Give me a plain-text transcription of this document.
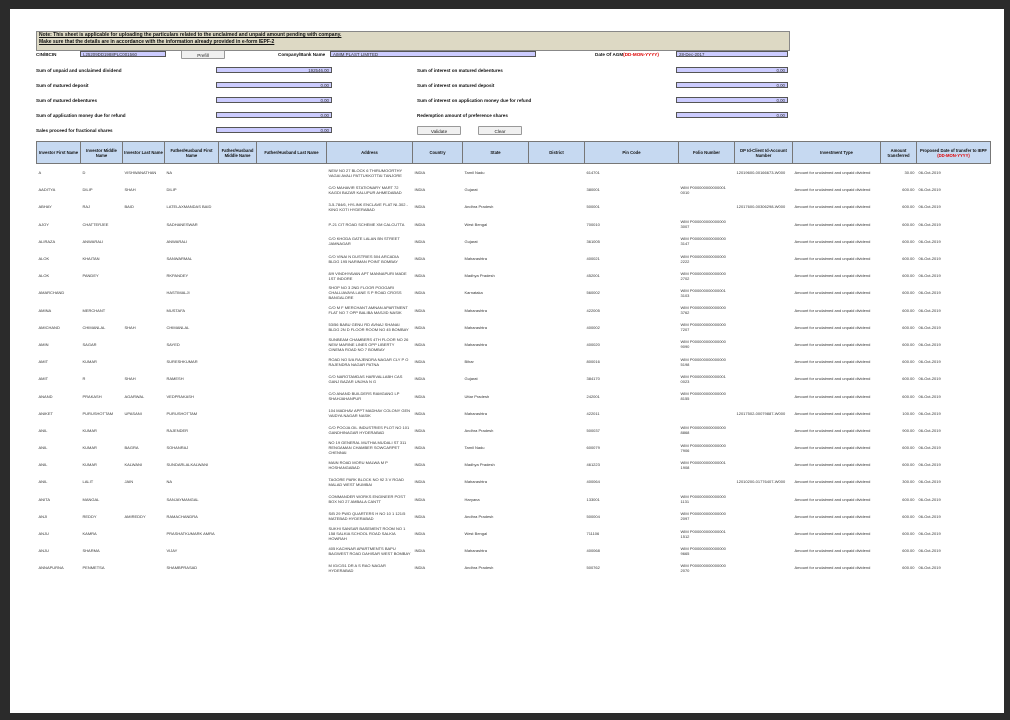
Note: This sheet is applicable for uploading the particulars related to the unclaimed and unpaid amount pending with company.
Make sure that the details are in accordance with the information already provided in e-form IEPF-2
CIN/BCIN	L25209DD1988PLC001560	Prefill	Company/Bank Name	AIMM PLAST LIMITED	Date Of AGM(DD-MON-YYYY)	28-Dec-2017
Sum of unpaid and unclaimed dividend	192546.00
Sum of matured deposit	0.00
Sum of matured debentures	0.00
Sum of application money due for refund	0.00
Sales proceed for fractional shares	0.00
Sum of interest on matured debentures	0.00
Sum of interest on matured deposit	0.00
Sum of interest on application money due for refund	0.00
Redemption amount of preference shares	0.00
Validate	Clear
Investor First Name	Investor Middle Name	Investor Last Name	Father/Husband First Name	Father/Husband Middle Name	Father/Husband Last Name	Address	Country	State	District	Pin Code	Folio Number	DP Id-Client Id-Account Number	Investment Type	Amount transferred	Proposed Date of transfer to IEPF
(DD-MON-YYYY)
A	D	VISHWANATHAN	NA			NEW NO 27 BLOCK 6 THIRUMOORTHY VAGAI AVALI PATTUKKOTTAI TANJORE	INDIA	Tamil Nadu		614701		12019600-00166673-W000	Amount for unclaimed and unpaid dividend	30.00	06-Oct-2019
AADITYA	DILIP	SHAH	DILIP			C/O MAHAVIR STATIONARY MART 72 KAGDI BAZAR KALUPUR AHMEDABAD	INDIA	Gujarat		380001	WIM P000000000000001 0010		Amount for unclaimed and unpaid dividend	600.00	06-Oct-2019
ABHAY	RAJ	BAID	LATELAXMANDAS BAID			3-5-784/6, HYLINK ENCLAVE FLAT NI-302 - KING KOTI HYDERABAD	INDIA	Andhra Pradesh		500001		12017600-00306298-W000	Amount for unclaimed and unpaid dividend	600.00	06-Oct-2019
AJOY	CHATTERJEE		SADHANESWAR			P-21 CIT ROAD SCHEME XM CALCUTTA	INDIA	West Bengal		700010	WIM P000000000000000 3007		Amount for unclaimed and unpaid dividend	600.00	06-Oct-2019
ALIRAZA	ANWARALI		ANWARALI			C/O KHODA GATE LALAN BN STREET JAMNAGAR	INDIA	Gujarat		361005	WIM P000000000000000 3147		Amount for unclaimed and unpaid dividend	600.00	06-Oct-2019
ALOK	KHAITAN		SANWARMAL			C/O VINAI N DUSTRIES 504 ARCADIA BLDG 195 NARIMAN POINT BOMBAY	INDIA	Maharashtra		400021	WIM P000000000000000 2222		Amount for unclaimed and unpaid dividend	600.00	06-Oct-2019
ALOK	PANDEY		RKPANDEY			8/9 VINDHYAVAN APT MANNAPURI MADE 1ST INDORE	INDIA	Madhya Pradesh		452001	WIM P000000000000000 2702		Amount for unclaimed and unpaid dividend	600.00	06-Oct-2019
AMARCHAND			HASTIMALJI			SHOP NO 3 2ND FLOOR POOGARI CHALLIAVAYA LANE S P ROAD CROSS BANGALORE	INDIA	Karnataka		560002	WIM P000000000000001 3103		Amount for unclaimed and unpaid dividend	600.00	06-Oct-2019
AMINA	MERCHANT		MUSTAFA			C/O M F MERCHANT AMNAN APARTMENT FLAT NO 7 OPP BALIBA MASJID NASIK	INDIA	Maharashtra		422005	WIM P000000000000000 3762		Amount for unclaimed and unpaid dividend	600.00	06-Oct-2019
AMICHAND	CHIMANLAL	SHAH	CHIMANLAL			53/56 BABU GENU RD AVNAJ SHANAI BLDG 2N D FLOOR ROOM NO 45 BOMBAY	INDIA	Maharashtra		400002	WIM P000000000000000 7207		Amount for unclaimed and unpaid dividend	600.00	06-Oct-2019
AMIN	SAGAR		SAYED			SUNBEAM CHAMBERS 4TH FLOOR NO 26 NEW MARINE LINES OPP LIBERTY CINEMA ROAD NO 7 BOMBAY	INDIA	Maharashtra		400020	WIM P000000000000000 9090		Amount for unclaimed and unpaid dividend	600.00	06-Oct-2019
AMIT	KUMAR		SURESHKUMAR			ROAD NO 5/A RAJENDRA NAGAR CLY P O RAJENDRA NAGAR PATNA	INDIA	Bihar		800016	WIM P000000000000000 5198		Amount for unclaimed and unpaid dividend	600.00	06-Oct-2019
AMIT	R	SHAH	RAMESH			C/O NAROTAMDAS HARIVALLABH CAS GANJ BAZAR UNJHA N G	INDIA	Gujarat		384170	WIM P000000000000001 0023		Amount for unclaimed and unpaid dividend	600.00	06-Oct-2019
ANAND	PRAKASH	AGARWAL	VEDPRAKASH			C/O ANAND BUILDERS RAMGANG LP SHAHJAHANPUR	INDIA	Uttar Pradesh		242001	WIM P000000000000000 8155		Amount for unclaimed and unpaid dividend	600.00	06-Oct-2019
ANIKET	PURUSHOTTAM	UPASANI	PURUSHOTTAM			104 MADHAV APPT MADHAV COLONY GEN VAIDYA NAGAR NASIK	INDIA	Maharashtra		422011		12017502-00079887-W000	Amount for unclaimed and unpaid dividend	100.00	06-Oct-2019
ANIL	KUMAR		RAJENDER			C/O POOJA OIL INDUSTRIES PLOT NO 101 GANDHINAGAR HYDERABAD	INDIA	Andhra Pradesh		500037	WIM P000000000000000 8868		Amount for unclaimed and unpaid dividend	900.00	06-Oct-2019
ANIL	KUMAR	BAGRA	SOHANRAJ			NO 19 GENERAL MUTHIA MUDALI ST 311 RENGAMAN CHAMBER SOWCARPET CHENNAI	INDIA	Tamil Nadu		600079	WIM P000000000000000 7906		Amount for unclaimed and unpaid dividend	600.00	06-Oct-2019
ANIL	KUMAR	KALWANI	SUNDARLALKALWANI			MAIN ROAD MORU MALWA M P HOSHANGABAD	INDIA	Madhya Pradesh		461223	WIM P000000000000001 1908		Amount for unclaimed and unpaid dividend	600.00	06-Oct-2019
ANIL	LALIT	JAIN	NA			TAGORE PARK BLOCK NO 92 3 V ROAD MALAD WEST MUMBAI	INDIA	Maharashtra		400064		12010200-01776407-W000	Amount for unclaimed and unpaid dividend	300.00	06-Oct-2019
ANITA	MANGAL		SANJAYMANGAL			COMMANDER WORKS ENGINEER POST BOX NO 27 AMBALA CANTT	INDIA	Haryana		133001	WIM P000000000000000 1131		Amount for unclaimed and unpaid dividend	600.00	06-Oct-2019
ANJI	REDDY	AMIREDDY	RAMACHANDRA			S/B 29 PWD QUARTERS H NO 10 1 121/5 MATEBAD HYDERABAD	INDIA	Andhra Pradesh		500004	WIM P000000000000000 2097		Amount for unclaimed and unpaid dividend	600.00	06-Oct-2019
ANJU	KAMRA		PRASHATKUMARK AMRA			SUKHI SANSAR BASEMENT ROOM NO 1 158 SALKIA SCHOOL ROAD SALKIA HOWRAH	INDIA	West Bengal		711106	WIM P000000000000001 1512		Amount for unclaimed and unpaid dividend	600.00	06-Oct-2019
ANJU	SHARMA		VIJAY			405 KACHNAR APARTMENTS BAPU BAGWEST ROAD DAHISAR WEST BOMBAY	INDIA	Maharashtra		400068	WIM P000000000000000 9665		Amount for unclaimed and unpaid dividend	600.00	06-Oct-2019
ANNAPURNA	PENMETSA		SHAMBPRASAD			M IG/C/51 DR A S RAO NAGAR HYDERABAD	INDIA	Andhra Pradesh		500762	WIM P000000000000000 2070		Amount for unclaimed and unpaid dividend	600.00	06-Oct-2019
